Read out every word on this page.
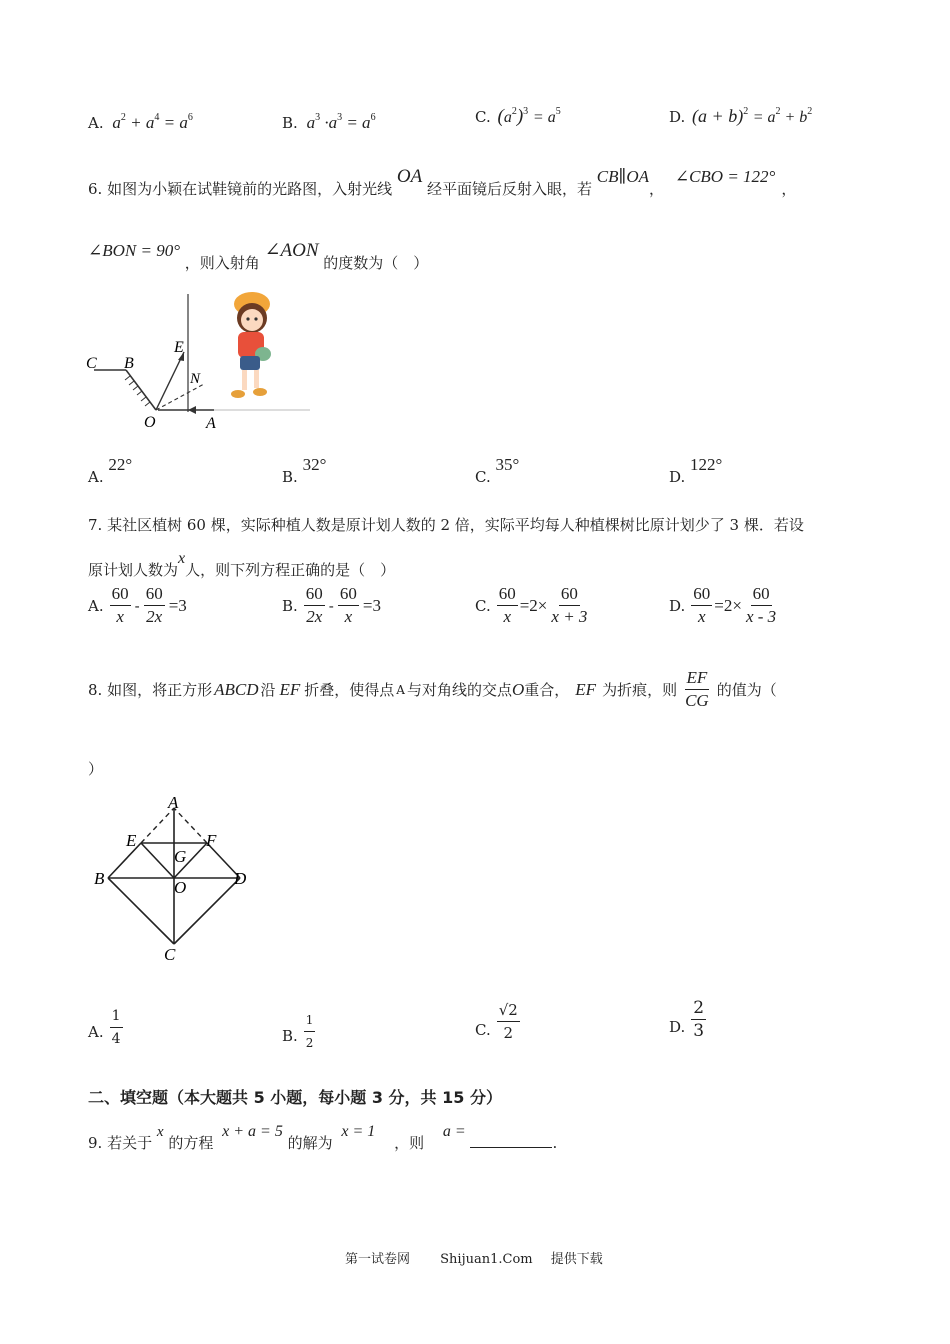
A. $a^2 + a^4 = a^6$	B. $a^3 \cdot a^3 = a^6$	C. $(a^2)^3 = a^5$	D. $(a + b)^2 = a^2 + b^2$
6. 如图为小颖在试鞋镜前的光路图，入射光线 OA 经平面镜后反射入眼，若 CB∥OA， ∠CBO = 122°，
∠BON = 90° ，则入射角 ∠AON 的度数为（　）
C B
E
N
O	A
A. 22°
B. 32°
C. 35°
D. 122°
7. 某社区植树 60 棵，实际种植人数是原计划人数的 2 倍，实际平均每人种植棵树比原计划少了 3 棵．若设
原计划人数为x人，则下列方程正确的是（　）
A. $\frac{60}{x} - \frac{60}{2x} =3$	B. $\frac{60}{2x} - \frac{60}{x} =3$	C. $\frac{60}{x} =2\times \frac{60}{x + 3}$	D. $\frac{60}{x} =2\times \frac{60}{x - 3}$
8. 如图，将正方形 ABCD 沿 EF 折叠，使得点 A 与对角线的交点 O 重合， EF 为折痕，则 $\frac{EF}{CG}$ 的值为（
）
A
E	F
G
B	O	D
C
A. $\frac{1}{4}$	B. $\frac{1}{2}$	C. $\frac{√2}{2}$	D. $\frac{2}{3}$
二、填空题（本大题共 5 小题，每小题 3 分，共 15 分）
9. 若关于 x 的方程 x + a = 5 的解为 x = 1 ，则 a = .
第一试卷网 Shijuan1.Com 提供下载
